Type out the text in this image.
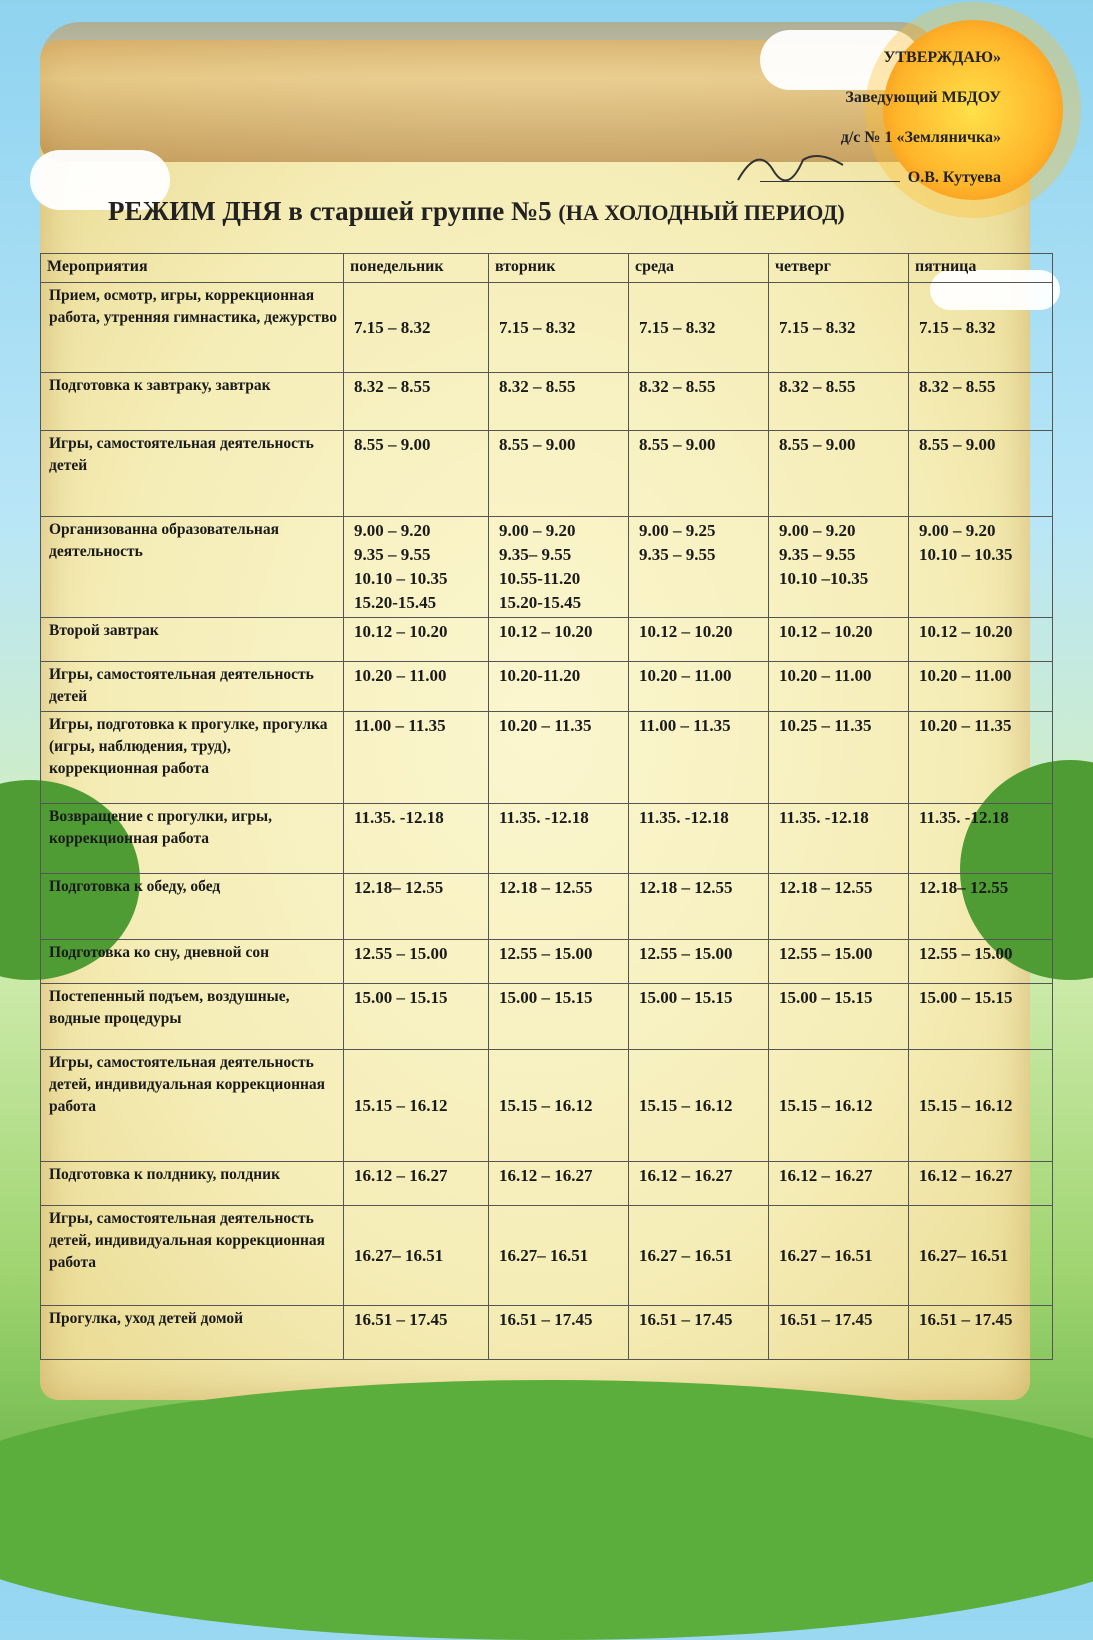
УТВЕРЖДАЮ»
Заведующий МБДОУ
д/с № 1 «Земляничка»
О.В. Кутуева
РЕЖИМ ДНЯ в старшей группе №5 (НА ХОЛОДНЫЙ ПЕРИОД)
Мероприятия	понедельник	вторник	среда	четверг	пятница
Прием, осмотр, игры, коррекционная работа, утренняя гимнастика, дежурство	7.15 – 8.32	7.15 – 8.32	7.15 – 8.32	7.15 – 8.32	7.15 – 8.32
Подготовка к завтраку, завтрак	8.32 – 8.55	8.32 – 8.55	8.32 – 8.55	8.32 – 8.55	8.32 – 8.55
Игры, самостоятельная деятельность детей	8.55 – 9.00	8.55 – 9.00	8.55 – 9.00	8.55 – 9.00	8.55 – 9.00
Организованна образовательная деятельность	9.00 – 9.20
9.35 – 9.55
10.10 – 10.35
15.20-15.45	9.00 – 9.20
9.35– 9.55
10.55-11.20
15.20-15.45	9.00 – 9.25
9.35 – 9.55	9.00 – 9.20
9.35 – 9.55
10.10 –10.35	9.00 – 9.20
10.10 – 10.35
Второй завтрак	10.12 – 10.20	10.12 – 10.20	10.12 – 10.20	10.12 – 10.20	10.12 – 10.20
Игры, самостоятельная деятельность детей	10.20 – 11.00	10.20-11.20	10.20 – 11.00	10.20 – 11.00	10.20 – 11.00
Игры, подготовка к прогулке, прогулка (игры, наблюдения, труд), коррекционная работа	11.00 – 11.35	10.20 – 11.35	11.00 – 11.35	10.25 – 11.35	10.20 – 11.35
Возвращение с прогулки, игры, коррекционная работа	11.35. -12.18	11.35. -12.18	11.35. -12.18	11.35. -12.18	11.35. -12.18
Подготовка к обеду, обед	12.18– 12.55	12.18 – 12.55	12.18 – 12.55	12.18 – 12.55	12.18– 12.55
Подготовка ко сну, дневной сон	12.55 – 15.00	12.55 – 15.00	12.55 – 15.00	12.55 – 15.00	12.55 – 15.00
Постепенный подъем, воздушные, водные процедуры	15.00 – 15.15	15.00 – 15.15	15.00 – 15.15	15.00 – 15.15	15.00 – 15.15
Игры, самостоятельная деятельность детей, индивидуальная коррекционная работа	15.15 – 16.12	15.15 – 16.12	15.15 – 16.12	15.15 – 16.12	15.15 – 16.12
Подготовка к полднику, полдник	16.12 – 16.27	16.12 – 16.27	16.12 – 16.27	16.12 – 16.27	16.12 – 16.27
Игры, самостоятельная деятельность детей, индивидуальная коррекционная работа	16.27– 16.51	16.27– 16.51	16.27 – 16.51	16.27 – 16.51	16.27– 16.51
Прогулка, уход детей домой	16.51 – 17.45	16.51 – 17.45	16.51 – 17.45	16.51 – 17.45	16.51 – 17.45
